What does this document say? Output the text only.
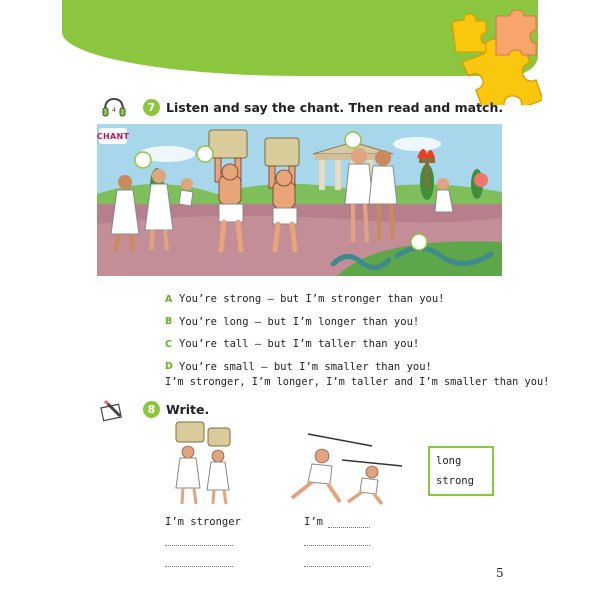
4	7 Listen and say the chant. Then read and match.
CHANT
A You’re strong – but I’m stronger than you!
B You’re long – but I’m longer than you!
C You’re tall – but I’m taller than you!
D You’re small – but I’m smaller than you!
I’m stronger, I’m longer, I’m taller and I’m smaller than you!
8 Write.
long
strong
I’m stronger	I’m
5
